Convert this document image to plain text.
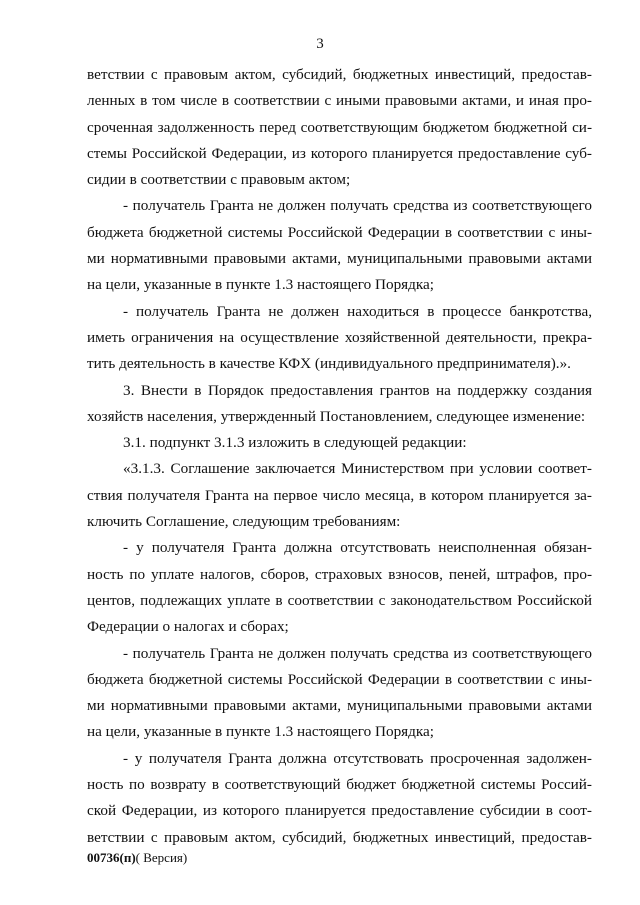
3
ветствии с правовым актом, субсидий, бюджетных инвестиций, предостав-
ленных в том числе в соответствии с иными правовыми актами, и иная про-
сроченная задолженность перед соответствующим бюджетом бюджетной си-
стемы Российской Федерации, из которого планируется предоставление суб-
сидии в соответствии с правовым актом;
- получатель Гранта не должен получать средства из соответствующего
бюджета бюджетной системы Российской Федерации в соответствии с ины-
ми нормативными правовыми актами, муниципальными правовыми актами
на цели, указанные в пункте 1.3 настоящего Порядка;
- получатель Гранта не должен находиться в процессе банкротства,
иметь ограничения на осуществление хозяйственной деятельности, прекра-
тить деятельность в качестве КФХ (индивидуального предпринимателя).».
3. Внести в Порядок предоставления грантов на поддержку создания
хозяйств населения, утвержденный Постановлением, следующее изменение:
3.1. подпункт 3.1.3 изложить в следующей редакции:
«3.1.3. Соглашение заключается Министерством при условии соответ-
ствия получателя Гранта на первое число месяца, в котором планируется за-
ключить Соглашение, следующим требованиям:
- у получателя Гранта должна отсутствовать неисполненная обязан-
ность по уплате налогов, сборов, страховых взносов, пеней, штрафов, про-
центов, подлежащих уплате в соответствии с законодательством Российской
Федерации о налогах и сборах;
- получатель Гранта не должен получать средства из соответствующего
бюджета бюджетной системы Российской Федерации в соответствии с ины-
ми нормативными правовыми актами, муниципальными правовыми актами
на цели, указанные в пункте 1.3 настоящего Порядка;
- у получателя Гранта должна отсутствовать просроченная задолжен-
ность по возврату в соответствующий бюджет бюджетной системы Россий-
ской Федерации, из которого планируется предоставление субсидии в соот-
ветствии с правовым актом, субсидий, бюджетных инвестиций, предостав-
00736(п)( Версия)
